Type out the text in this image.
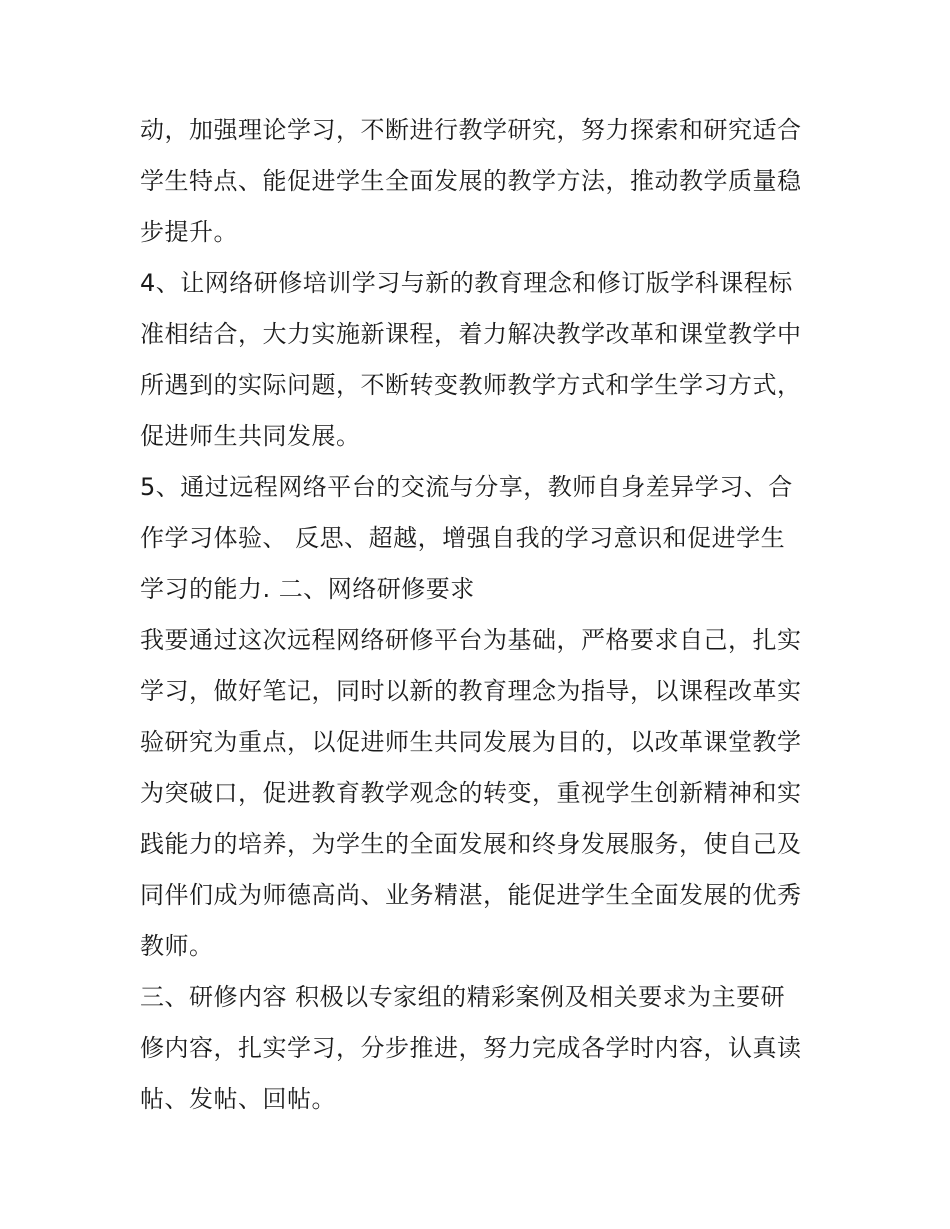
动，加强理论学习，不断进行教学研究，努力探索和研究适合
学生特点、能促进学生全面发展的教学方法，推动教学质量稳
步提升。
4、让网络研修培训学习与新的教育理念和修订版学科课程标
准相结合，大力实施新课程，着力解决教学改革和课堂教学中
所遇到的实际问题，不断转变教师教学方式和学生学习方式，
促进师生共同发展。
5、通过远程网络平台的交流与分享，教师自身差异学习、合
作学习体验、 反思、超越，增强自我的学习意识和促进学生
学习的能力. 二、网络研修要求
我要通过这次远程网络研修平台为基础，严格要求自己，扎实
学习，做好笔记，同时以新的教育理念为指导，以课程改革实
验研究为重点，以促进师生共同发展为目的，以改革课堂教学
为突破口，促进教育教学观念的转变，重视学生创新精神和实
践能力的培养，为学生的全面发展和终身发展服务，使自己及
同伴们成为师德高尚、业务精湛，能促进学生全面发展的优秀
教师。
三、研修内容 积极以专家组的精彩案例及相关要求为主要研
修内容，扎实学习，分步推进，努力完成各学时内容，认真读
帖、发帖、回帖。
